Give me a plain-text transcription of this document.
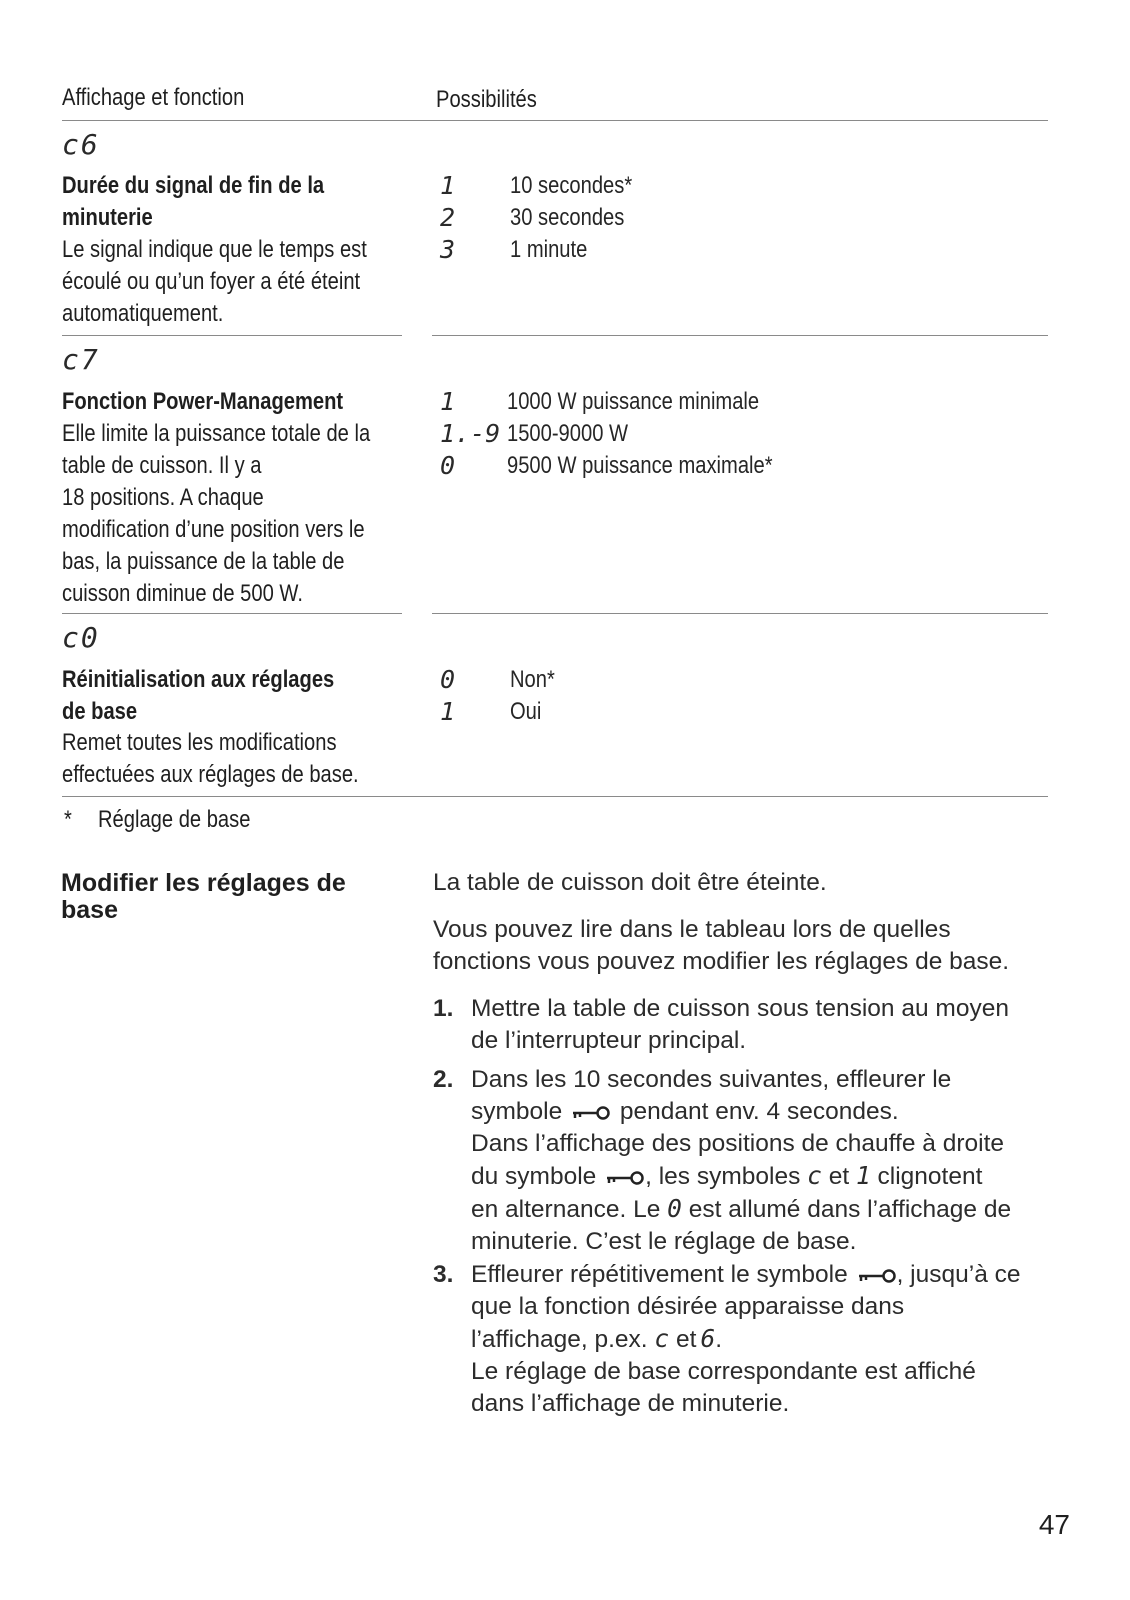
Affichage et fonction	Possibilités
c6
Durée du signal de fin de la
minuterie
Le signal indique que le temps est
écoulé ou qu’un foyer a été éteint
automatiquement.
1
2
3
10 secondes*
30 secondes
1 minute
c7
Fonction Power-Management
Elle limite la puissance totale de la
table de cuisson. Il y a
18 positions. A chaque
modification d’une position vers le
bas, la puissance de la table de
cuisson diminue de 500 W.
1
1.-9
0
1000 W puissance minimale
1500-9000 W
9500 W puissance maximale*
c0
Réinitialisation aux réglages
de base
Remet toutes les modifications
effectuées aux réglages de base.
0
1
Non*
Oui
* Réglage de base
Modifier les réglages de
base
La table de cuisson doit être éteinte.
Vous pouvez lire dans le tableau lors de quelles
fonctions vous pouvez modifier les réglages de base.
1. Mettre la table de cuisson sous tension au moyen
de l’interrupteur principal.
2. Dans les 10 secondes suivantes, effleurer le
symbole pendant env. 4 secondes.
Dans l’affichage des positions de chauffe à droite
du symbole , les symboles c et 1 clignotent
en alternance. Le 0 est allumé dans l’affichage de
minuterie. C’est le réglage de base.
3. Effleurer répétitivement le symbole , jusqu’à ce
que la fonction désirée apparaisse dans
l’affichage, p.ex. c et 6.
Le réglage de base correspondante est affiché
dans l’affichage de minuterie.
47
